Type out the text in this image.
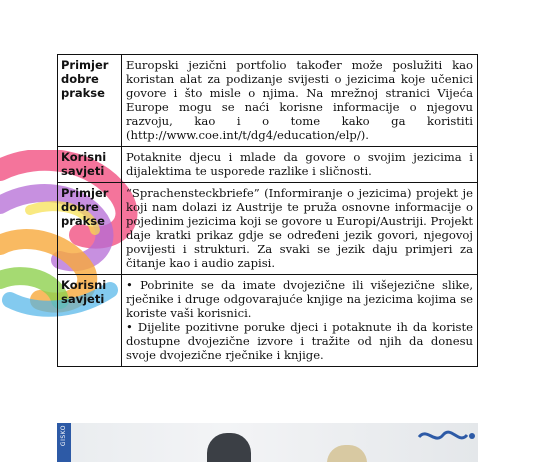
Primjer dobre prakse	Europski jezični portfolio također može poslužiti kao koristan alat za podizanje svijesti o jezicima koje učenici govore i što misle o njima. Na mrežnoj stranici Vijeća Europe mogu se naći korisne informacije o njegovu razvoju, kao i o tome kako ga koristiti (http://www.coe.int/t/dg4/education/elp/).

Korisni savjeti	Potaknite djecu i mlade da govore o svojim jezicima i dijalektima te usporede razlike i sličnosti.

Primjer dobre prakse	“Sprachensteckbriefe” (Informiranje o jezicima) projekt je koji nam dolazi iz Austrije te pruža osnovne informacije o pojedinim jezicima koji se govore u Europi/Austriji. Projekt daje kratki prikaz gdje se određeni jezik govori, njegovoj povijesti i strukturi. Za svaki se jezik daju primjeri za čitanje kao i audio zapisi.

Korisni savjeti	• Pobrinite se da imate dvojezične ili višejezične slike, rječnike i druge odgovarajuće knjige na jezicima kojima se koriste vaši korisnici.

• Dijelite pozitivne poruke djeci i potaknute ih da koriste dostupne dvojezične izvore i tražite od njih da donesu svoje dvojezične rječnike i knjige.

GISKO
